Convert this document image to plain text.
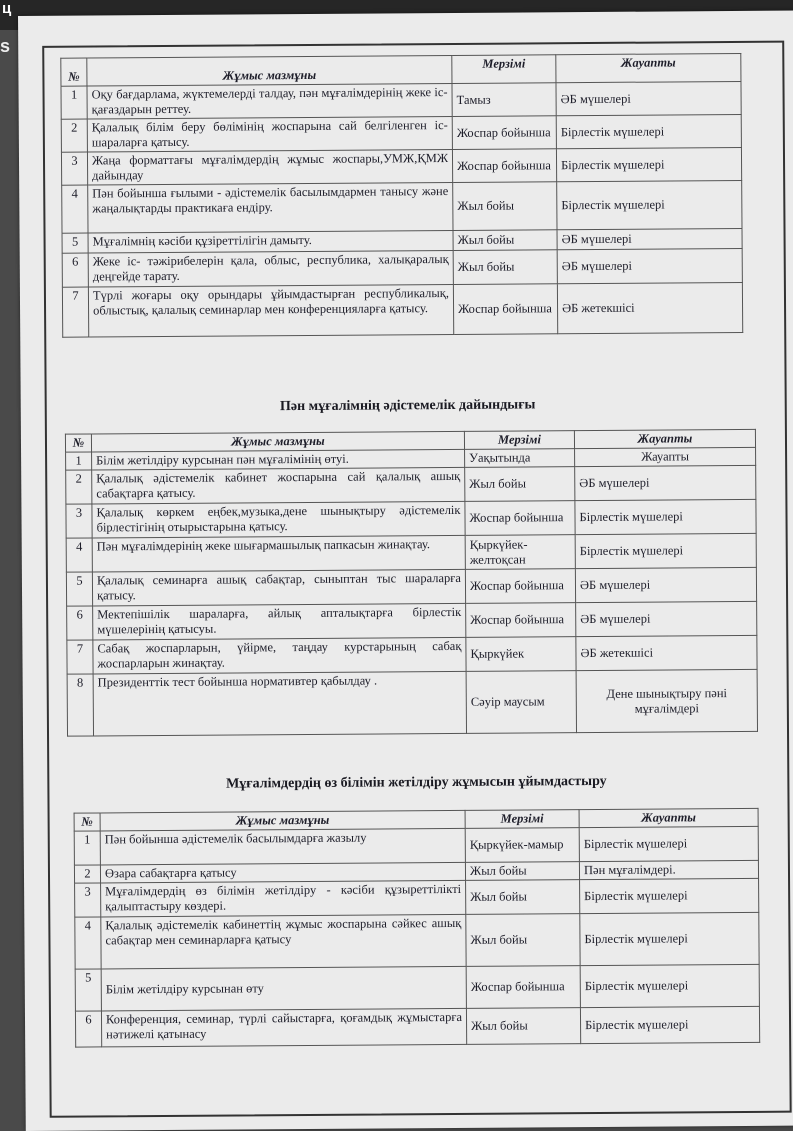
ц
s
№	Жұмыс мазмұны	Мерзімі	Жауапты
1	Оқу бағдарлама, жүктемелерді талдау, пән мұғалімдерінің жеке іс-қағаздарын реттеу.	Тамыз	ӘБ мүшелері
2	Қалалық білім беру бөлімінің жоспарына сай белгіленген іс- шараларға қатысу.	Жоспар бойынша	Бірлестік мүшелері
3	Жаңа форматтағы мұғалімдердің жұмыс жоспары,УМЖ,ҚМЖ дайындау	Жоспар бойынша	Бірлестік мүшелері
4	Пән бойынша ғылыми - әдістемелік басылымдармен танысу және жаңалықтарды практикаға ендіру.	Жыл бойы	Бірлестік мүшелері
5	Мұғалімнің кәсіби құзіреттілігін дамыту.	Жыл бойы	ӘБ мүшелері
6	Жеке іс- тәжірибелерін қала, облыс, республика, халықаралық деңгейде тарату.	Жыл бойы	ӘБ мүшелері
7	Түрлі жоғары оқу орындары ұйымдастырған республикалық, облыстық, қалалық семинарлар мен конференцияларға қатысу.	Жоспар бойынша	ӘБ жетекшісі
Пән мұғалімнің әдістемелік дайындығы
№	Жұмыс мазмұны	Мерзімі	Жауапты
1	Білім жетілдіру курсынан пән мұғалімінің өтуі.	Уақытында	Жауапты
2	Қалалық әдістемелік кабинет жоспарына сай қалалық ашық сабақтарға қатысу.	Жыл бойы	ӘБ мүшелері
3	Қалалық көркем еңбек,музыка,дене шынықтыру әдістемелік бірлестігінің отырыстарына қатысу.	Жоспар бойынша	Бірлестік мүшелері
4	Пән мұғалімдерінің жеке шығармашылық папкасын жинақтау.	Қыркүйек-желтоқсан	Бірлестік мүшелері
5	Қалалық семинарға ашық сабақтар, сыныптан тыс шараларға қатысу.	Жоспар бойынша	ӘБ мүшелері
6	Мектепішілік шараларға, айлық апталықтарға бірлестік мүшелерінің қатысуы.	Жоспар бойынша	ӘБ мүшелері
7	Сабақ жоспарларын, үйірме, таңдау курстарының сабақ жоспарларын жинақтау.	Қыркүйек	ӘБ жетекшісі
8	Президенттік тест бойынша нормативтер қабылдау .	Сәуір маусым	Дене шынықтыру пәні мұғалімдері
Мұғалімдердің өз білімін жетілдіру жұмысын ұйымдастыру
№	Жұмыс мазмұны	Мерзімі	Жауапты
1	Пән бойынша әдістемелік басылымдарға жазылу	Қыркүйек-мамыр	Бірлестік мүшелері
2	Өзара сабақтарға қатысу	Жыл бойы	Пән мұғалімдері.
3	Мұғалімдердің өз білімін жетілдіру - кәсіби құзыреттілікті қалыптастыру көздері.	Жыл бойы	Бірлестік мүшелері
4	Қалалық әдістемелік кабинеттің жұмыс жоспарына сәйкес ашық сабақтар мен семинарларға қатысу	Жыл бойы	Бірлестік мүшелері
5	Білім жетілдіру курсынан өту	Жоспар бойынша	Бірлестік мүшелері
6	Конференция, семинар, түрлі сайыстарға, қоғамдық жұмыстарға нәтижелі қатынасу	Жыл бойы	Бірлестік мүшелері
